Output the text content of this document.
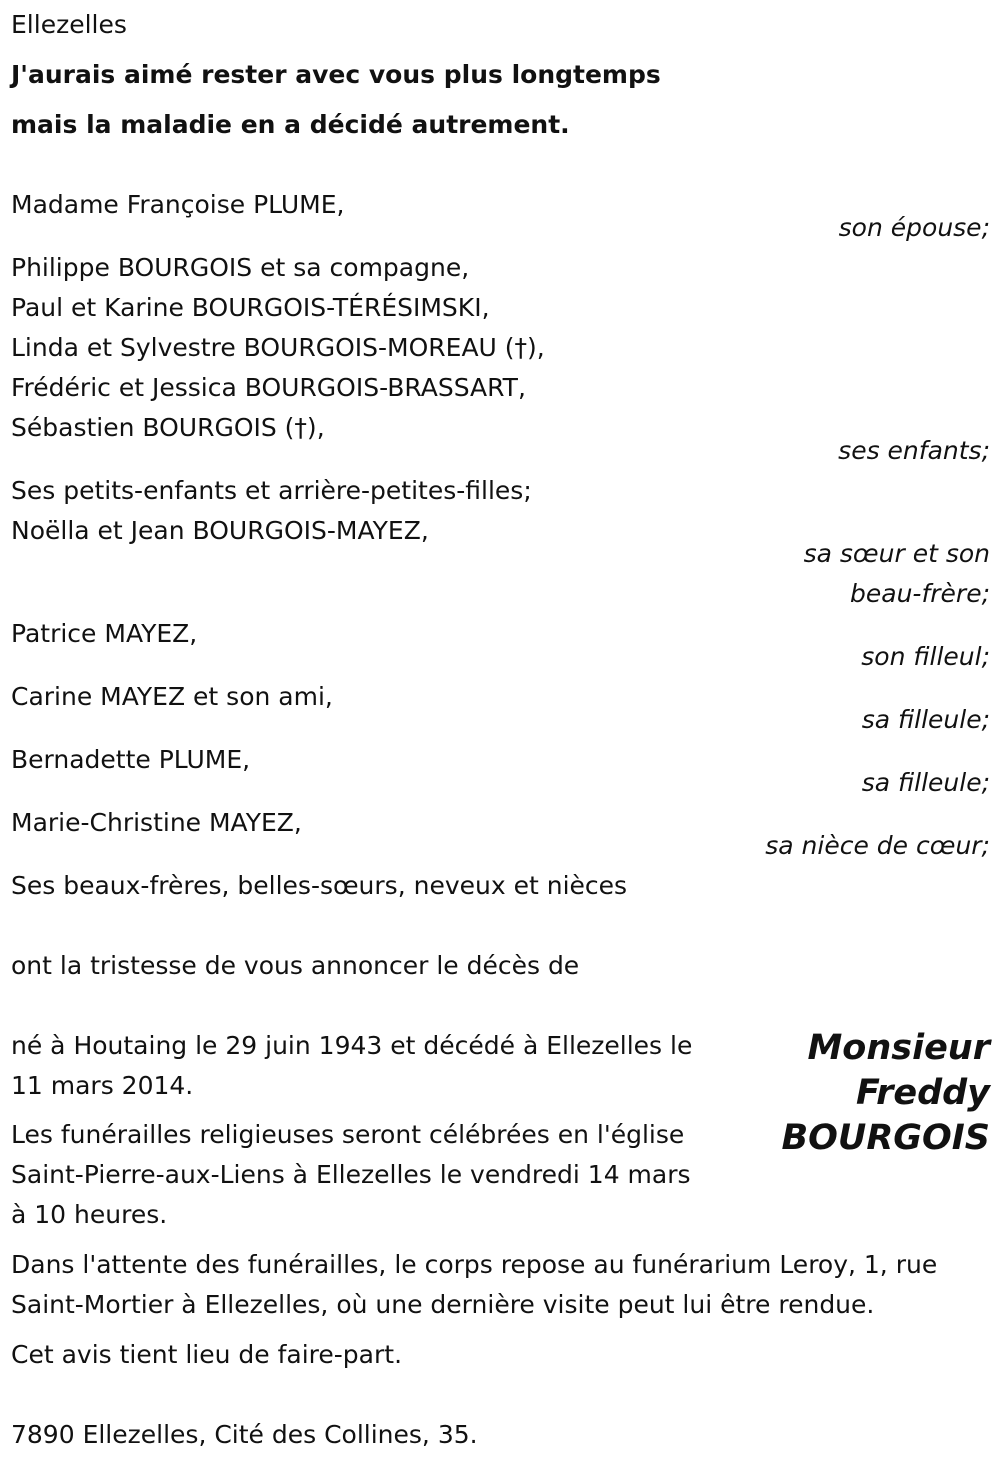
Ellezelles
J'aurais aimé rester avec vous plus longtemps
mais la maladie en a décidé autrement.
Madame Françoise PLUME,
son épouse;
Philippe BOURGOIS et sa compagne,
Paul et Karine BOURGOIS-TÉRÉSIMSKI,
Linda et Sylvestre BOURGOIS-MOREAU (†),
Frédéric et Jessica BOURGOIS-BRASSART,
Sébastien BOURGOIS (†),
ses enfants;
Ses petits-enfants et arrière-petites-filles;
Noëlla et Jean BOURGOIS-MAYEZ,
sa sœur et son
beau-frère;
Patrice MAYEZ,
son filleul;
Carine MAYEZ et son ami,
sa filleule;
Bernadette PLUME,
sa filleule;
Marie-Christine MAYEZ,
sa nièce de cœur;
Ses beaux-frères, belles-sœurs, neveux et nièces
ont la tristesse de vous annoncer le décès de
Monsieur
Freddy
BOURGOIS
né à Houtaing le 29 juin 1943 et décédé à Ellezelles le
11 mars 2014.
Les funérailles religieuses seront célébrées en l'église
Saint-Pierre-aux-Liens à Ellezelles le vendredi 14 mars
à 10 heures.
Dans l'attente des funérailles, le corps repose au funérarium Leroy, 1, rue
Saint-Mortier à Ellezelles, où une dernière visite peut lui être rendue.
Cet avis tient lieu de faire-part.
7890 Ellezelles, Cité des Collines, 35.
